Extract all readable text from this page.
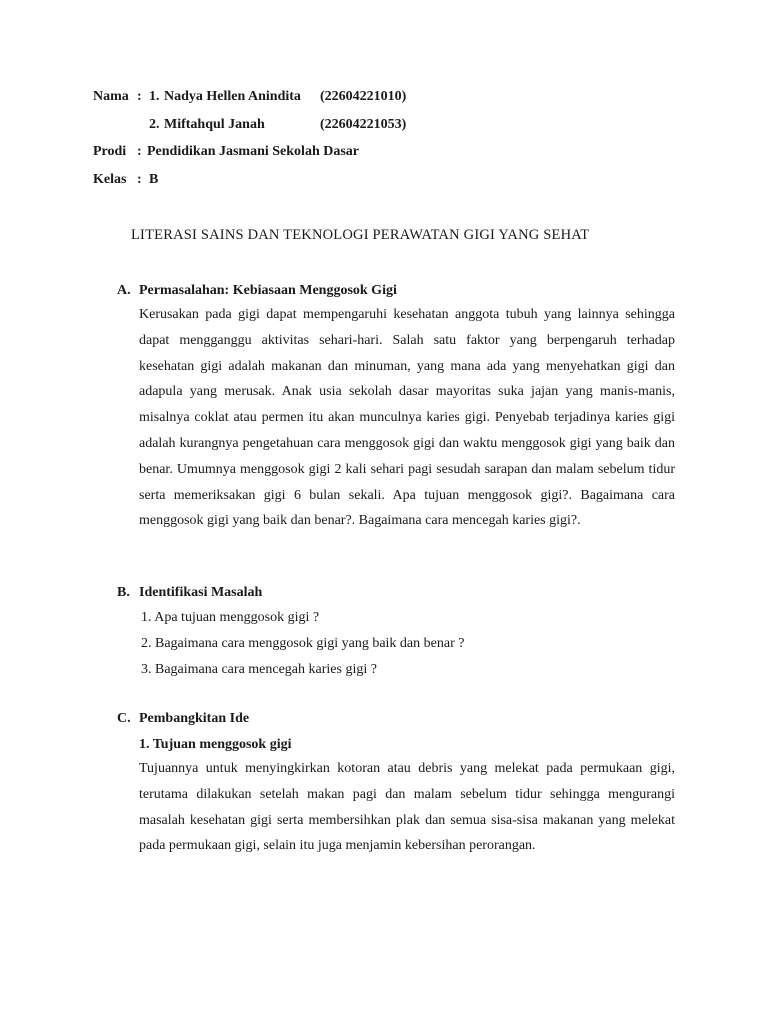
Nama : 1. Nadya Hellen Anindita (22604221010)
2. Miftahqul Janah	(22604221053)
Prodi : Pendidikan Jasmani Sekolah Dasar
Kelas : B
LITERASI SAINS DAN TEKNOLOGI PERAWATAN GIGI YANG SEHAT
A. Permasalahan: Kebiasaan Menggosok Gigi
Kerusakan pada gigi dapat mempengaruhi kesehatan anggota tubuh yang lainnya sehingga dapat mengganggu aktivitas sehari-hari. Salah satu faktor yang berpengaruh terhadap kesehatan gigi adalah makanan dan minuman, yang mana ada yang menyehatkan gigi dan adapula yang merusak. Anak usia sekolah dasar mayoritas suka jajan yang manis-manis, misalnya coklat atau permen itu akan munculnya karies gigi. Penyebab terjadinya karies gigi adalah kurangnya pengetahuan cara menggosok gigi dan waktu menggosok gigi yang baik dan benar. Umumnya menggosok gigi 2 kali sehari pagi sesudah sarapan dan malam sebelum tidur serta memeriksakan gigi 6 bulan sekali. Apa tujuan menggosok gigi?. Bagaimana cara menggosok gigi yang baik dan benar?. Bagaimana cara mencegah karies gigi?.
B. Identifikasi Masalah
1. Apa tujuan menggosok gigi ?
2. Bagaimana cara menggosok gigi yang baik dan benar ?
3. Bagaimana cara mencegah karies gigi ?
C. Pembangkitan Ide
1. Tujuan menggosok gigi
Tujuannya untuk menyingkirkan kotoran atau debris yang melekat pada permukaan gigi, terutama dilakukan setelah makan pagi dan malam sebelum tidur sehingga mengurangi masalah kesehatan gigi serta membersihkan plak dan semua sisa-sisa makanan yang melekat pada permukaan gigi, selain itu juga menjamin kebersihan perorangan.
